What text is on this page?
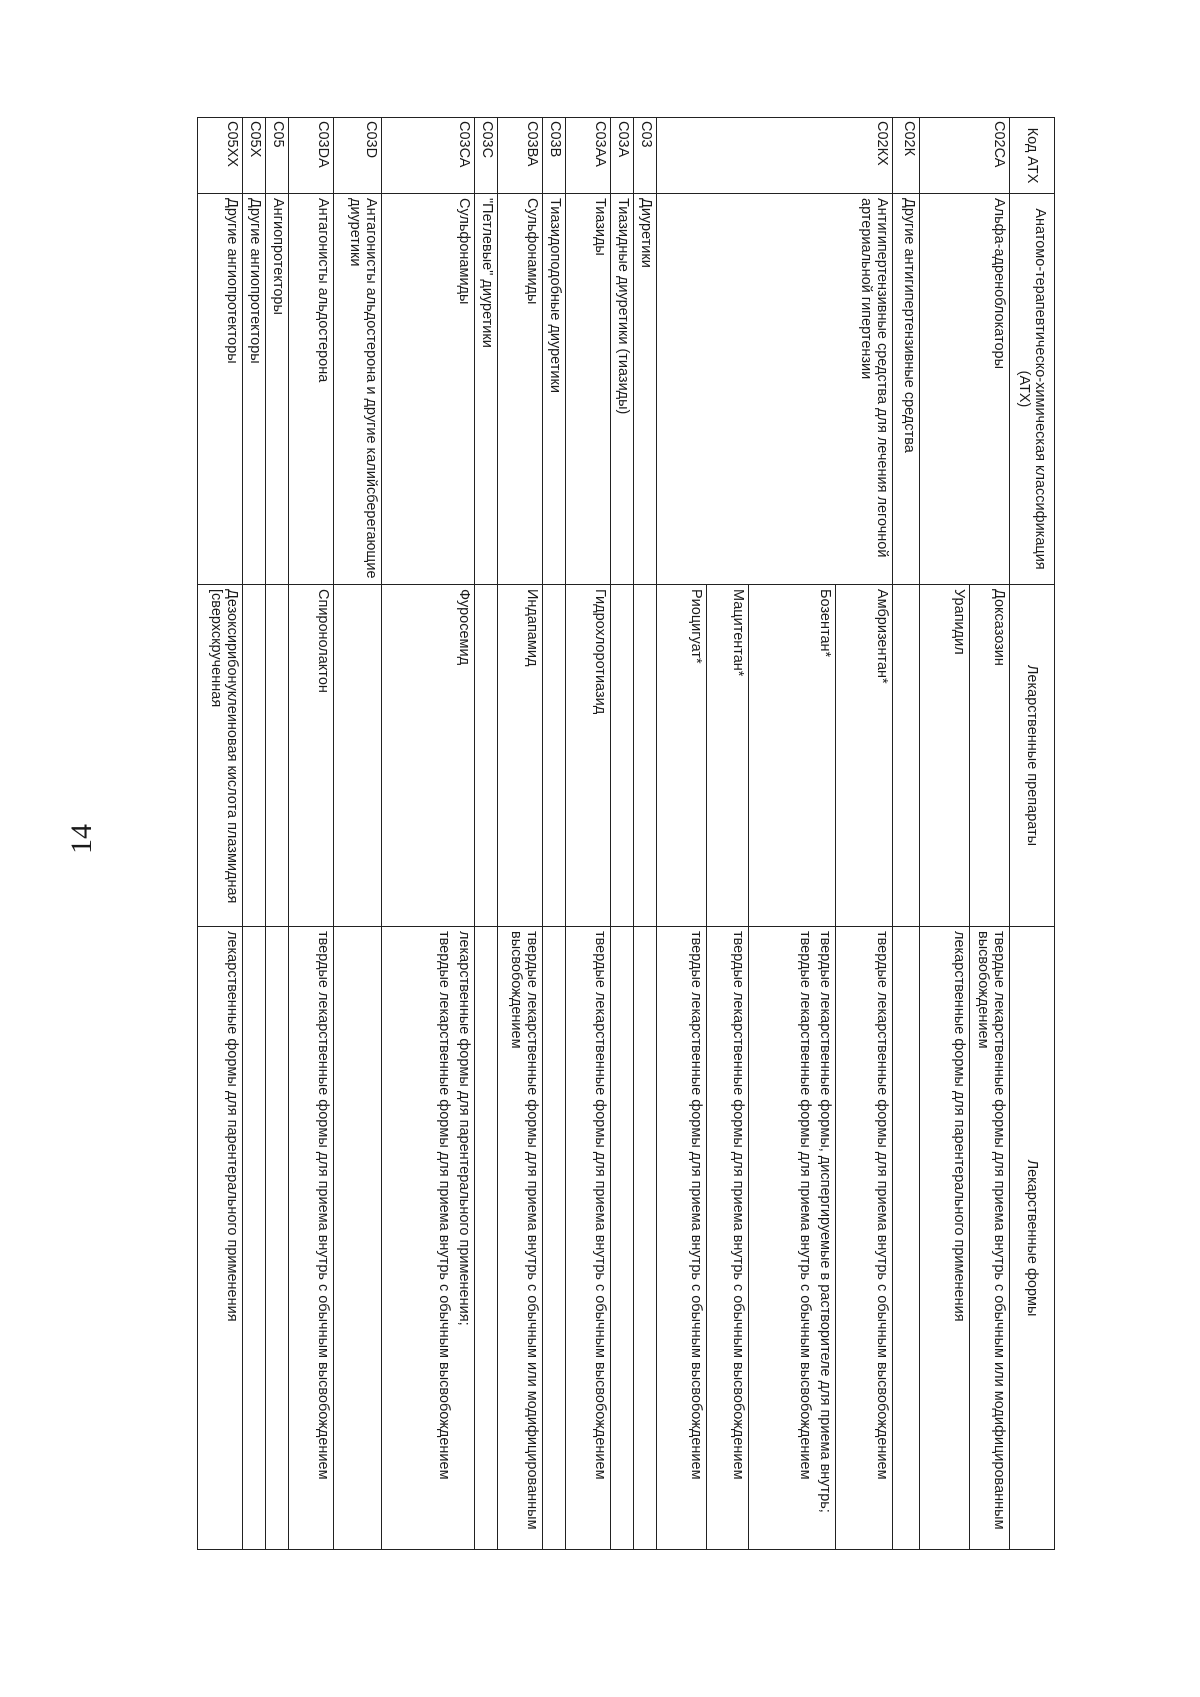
14
Код АТХ	Анатомо-терапевтическо-химическая классификация (АТХ)	Лекарственные препараты	Лекарственные формы
С02СА	Альфа-адреноблокаторы	Доксазозин	твердые лекарственные формы для приема внутрь с обычным или модифицированным высвобождением

		Урапидил	лекарственные формы для парентерального применения

С02К	Другие антигипертензивные средства		
С02КХ	Антигипертензивные средства для лечения легочной артериальной гипертензии	Амбризентан*	твердые лекарственные формы для приема внутрь с обычным высвобождением

		Бозентан*	твердые лекарственные формы, диспергируемые в растворителе для приема внутрь;
твердые лекарственные формы для приема внутрь с обычным высвобождением

		Мацитентан*	твердые лекарственные формы для приема внутрь с обычным высвобождением

		Риоцигуат*	твердые лекарственные формы для приема внутрь с обычным высвобождением

С03	Диуретики		
С03А	Тиазидные диуретики (тиазиды)		
С03АА	Тиазиды	Гидрохлоротиазид	твердые лекарственные формы для приема внутрь с обычным высвобождением

С03В	Тиазидоподобные диуретики		
С03ВА	Сульфонамиды	Индапамид	твердые лекарственные формы для приема внутрь с обычным или модифицированным высвобождением

С03С	"Петлевые" диуретики		
С03СА	Сульфонамиды	Фуросемид	лекарственные формы для парентерального применения;
твердые лекарственные формы для приема внутрь с обычным высвобождением

С03D	Антагонисты альдостерона и другие калийсберегающие диуретики		
С03DA	Антагонисты альдостерона	Спиронолактон	твердые лекарственные формы для приема внутрь с обычным высвобождением

С05	Ангиопротекторы		
С05Х	Другие ангиопротекторы		
С05ХХ	Другие ангиопротекторы	Дезоксирибонуклеиновая кислота плазмидная [сверхскрученная	лекарственные формы для парентерального применения
